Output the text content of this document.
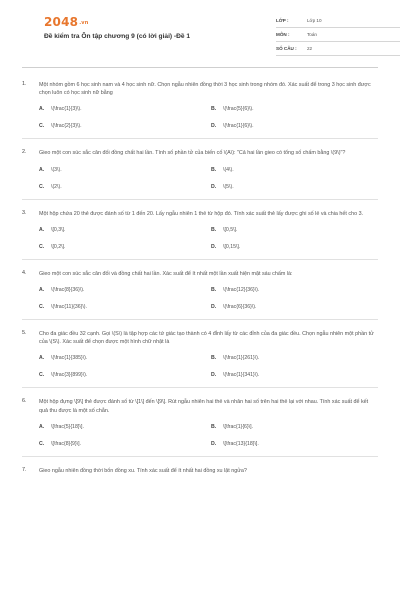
2048.vn
Đề kiểm tra Ôn tập chương 9 (có lời giải) -Đề 1
LỚP :	Lớp 10
MÔN :	Toán
SỐ CÂU :	22
1.	Một nhóm gồm 6 học sinh nam và 4 học sinh nữ. Chọn ngẫu nhiên đồng thời 3 học sinh trong nhóm đó. Xác suất để trong 3 học sinh được chọn luôn có học sinh nữ bằng
A.	\(\frac{1}{3}\).	B.	\(\frac{5}{6}\).
C.	\(\frac{2}{3}\).	D.	\(\frac{1}{6}\).
2.	Gieo một con súc sắc cân đối đồng chất hai lần. Tính số phần tử của biến cố \(A\): "Cả hai lần gieo có tổng số chấm bằng \(9\)"?
A.	\(3\).	B.	\(4\).
C.	\(2\).	D.	\(5\).
3.	Một hộp chứa 20 thẻ được đánh số từ 1 đến 20. Lấy ngẫu nhiên 1 thẻ từ hộp đó. Tính xác suất thẻ lấy được ghi số lẻ và chia hết cho 3.
A.	\[0,3\].	B.	\[0,5\].
C.	\[0,2\].	D.	\[0,15\].
4.	Gieo một con súc sắc cân đối và đồng chất hai lần. Xác suất để ít nhất một lần xuất hiện mặt sáu chấm là:
A.	\(\frac{8}{36}\).	B.	\(\frac{12}{36}\).
C.	\(\frac{11}{36}\).	D.	\(\frac{6}{36}\).
5.	Cho đa giác đều 32 cạnh. Gọi \(S\) là tập hợp các tứ giác tạo thành có 4 đỉnh lấy từ các đỉnh của đa giác đều. Chọn ngẫu nhiên một phần tử của \(S\). Xác suất để chọn được một hình chữ nhật là
A.	\(\frac{1}{385}\).	B.	\(\frac{1}{261}\).
C.	\(\frac{3}{899}\).	D.	\(\frac{1}{341}\).
6.	Một hộp đựng \[9\] thẻ được đánh số từ \[1\] đến \[9\]. Rút ngẫu nhiên hai thẻ và nhân hai số trên hai thẻ lại với nhau. Tính xác suất để kết quả thu được là một số chẵn.
A.	\[\frac{5}{18}\].	B.	\[\frac{1}{6}\].
C.	\[\frac{8}{9}\].	D.	\[\frac{13}{18}\].
7.	Gieo ngẫu nhiên đồng thời bốn đồng xu. Tính xác suất để ít nhất hai đồng xu lật ngửa?
